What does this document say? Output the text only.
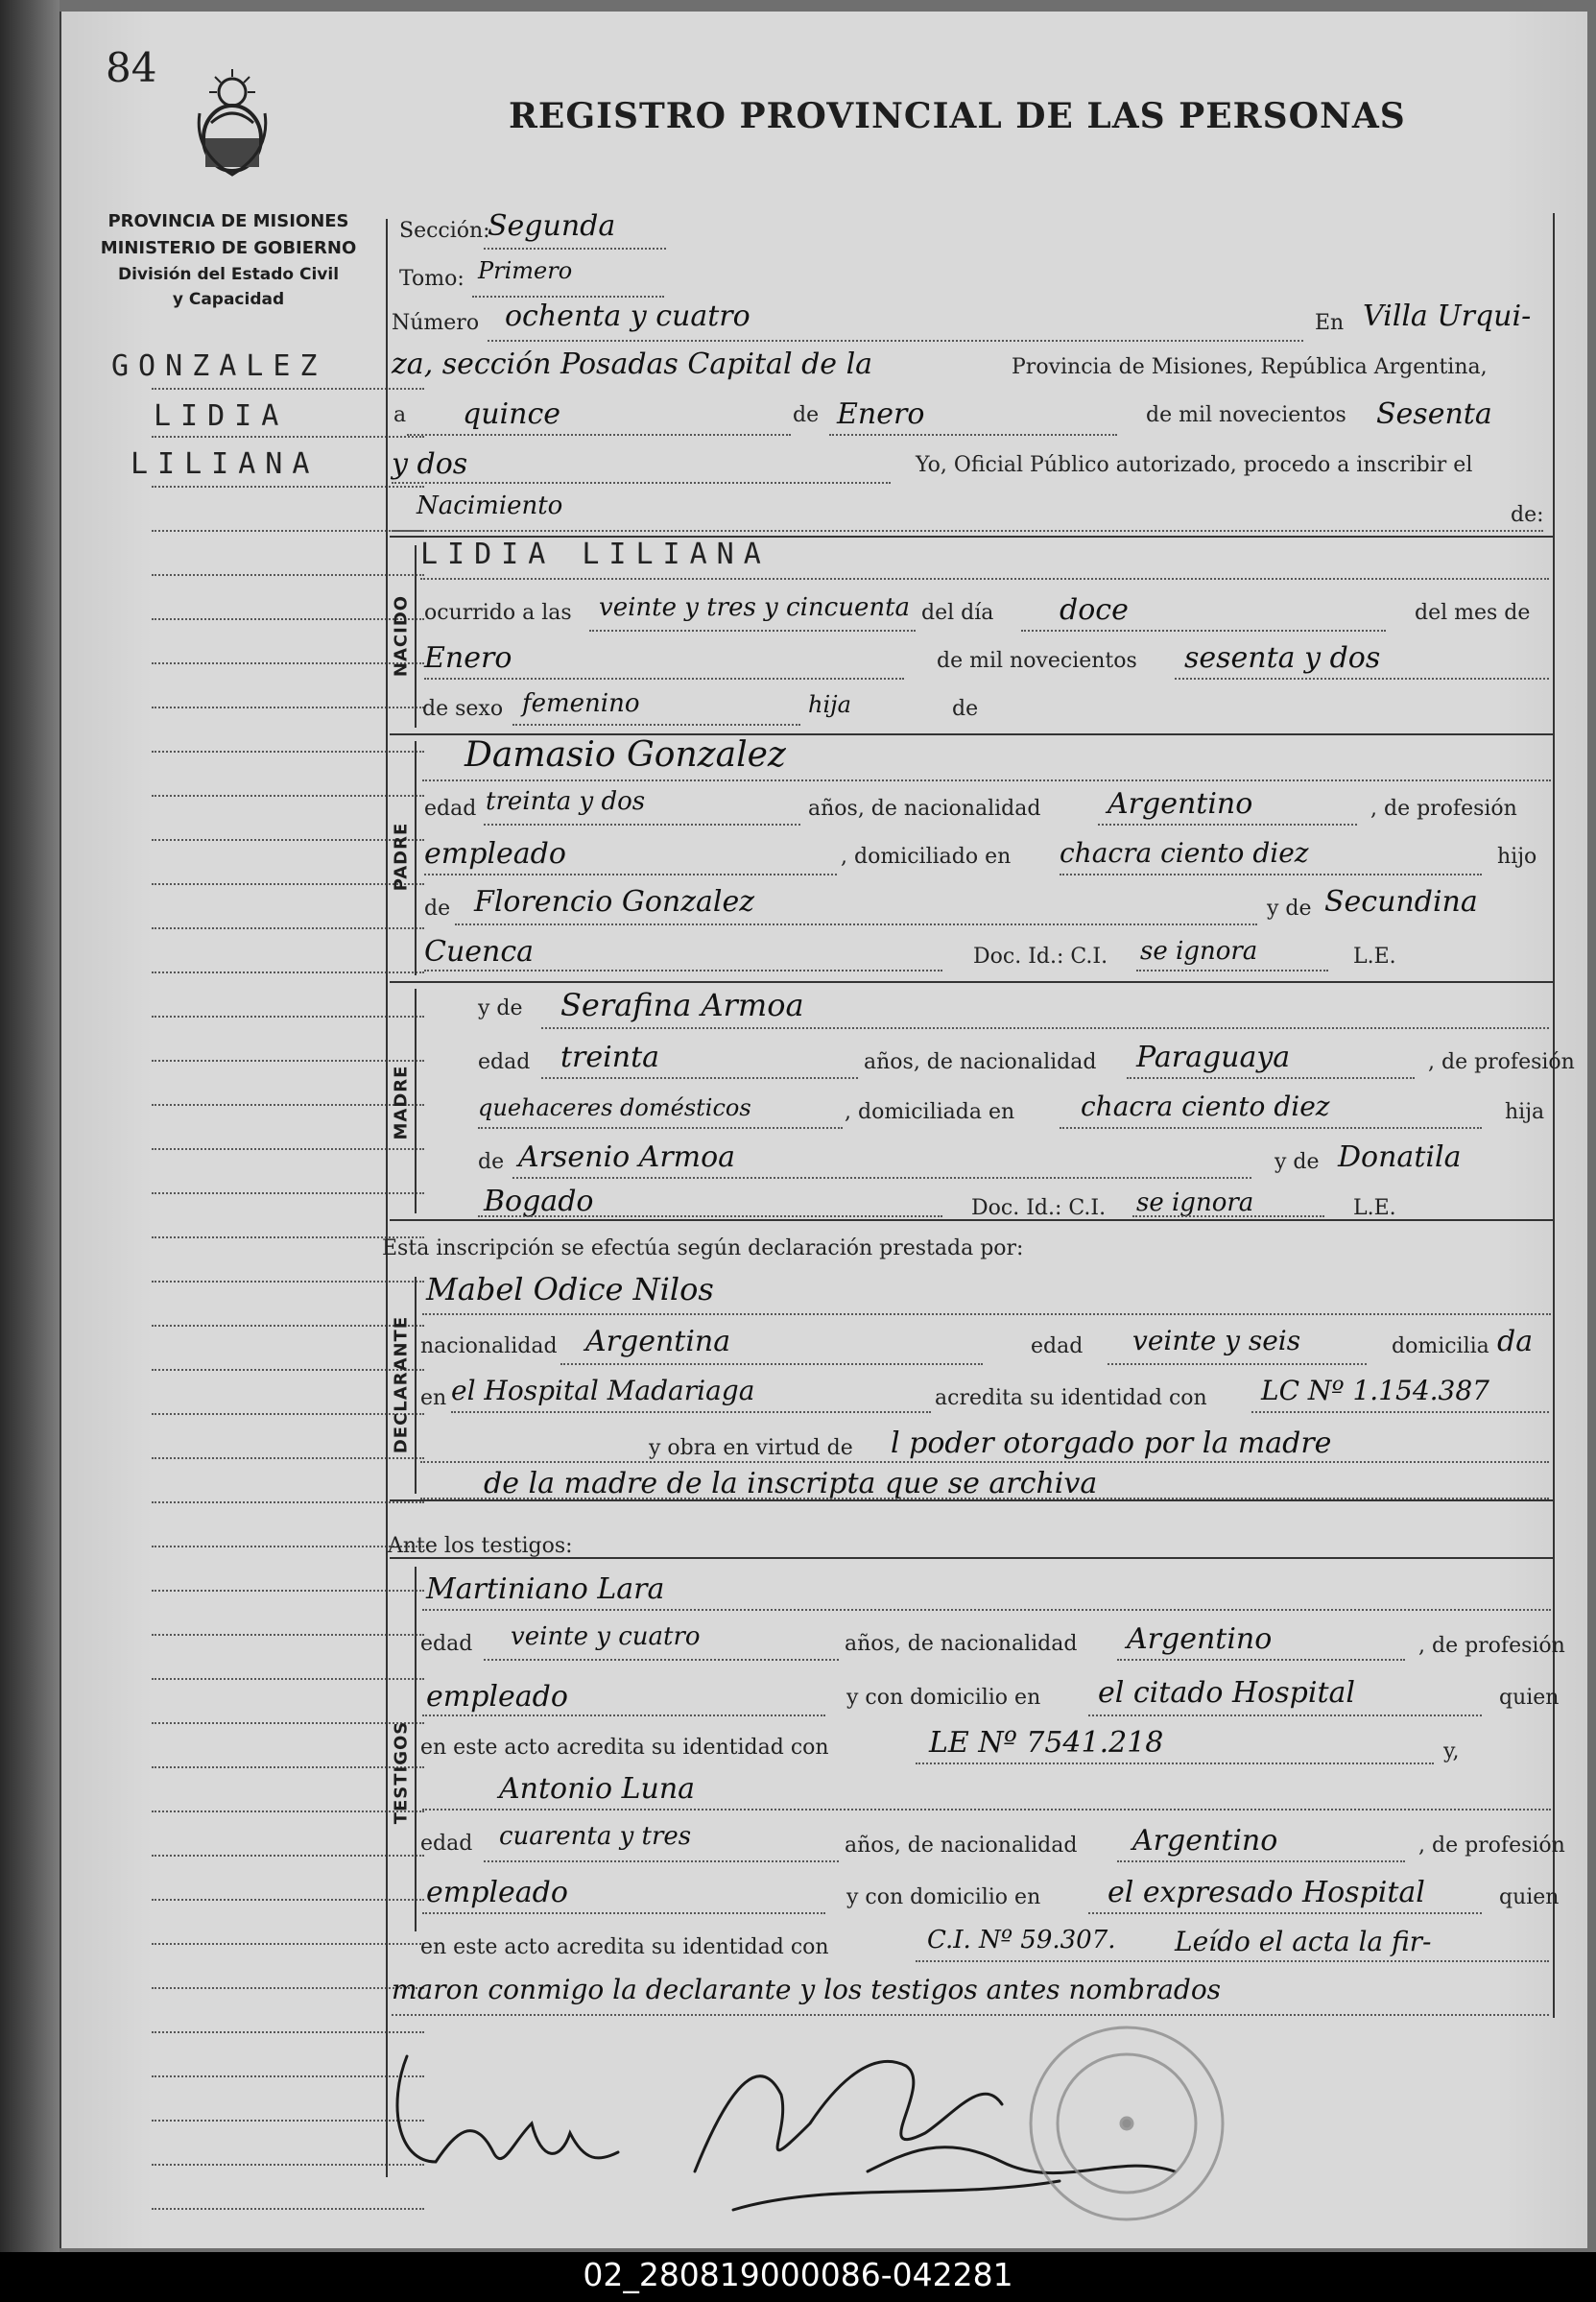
84
REGISTRO PROVINCIAL DE LAS PERSONAS
PROVINCIA DE MISIONES
MINISTERIO DE GOBIERNO
División del Estado Civil
y Capacidad
GONZALEZ
LIDIA
LILIANA
Sección:
Segunda
Tomo: Primero
Número ochenta y cuatro	En Villa Urqui-
za, sección Posadas Capital de la	Provincia de Misiones, República Argentina,
a quince	de Enero	de mil novecientos Sesenta
y dos	Yo, Oficial Público autorizado, procedo a inscribir el
Nacimiento	de:
NACIDO
LIDIA LILIANA
ocurrido a las veinte y tres y cincuenta del día doce	del mes de
Enero	de mil novecientos sesenta y dos
de sexo femenino	hija	de
PADRE
Damasio Gonzalez
edad treinta y dos	años, de nacionalidad Argentino	, de profesión
empleado	, domiciliado en chacra ciento diez	hijo
de Florencio Gonzalez	y de Secundina
Cuenca	Doc. Id.: C.I. se ignora	L.E.
MADRE
y de Serafina Armoa
edad treinta	años, de nacionalidad Paraguaya	, de profesión
quehaceres domésticos	, domiciliada en chacra ciento diez	hija
de Arsenio Armoa	y de Donatila
Bogado	Doc. Id.: C.I. se ignora	L.E.
Esta inscripción se efectúa según declaración prestada por:
DECLARANTE
Mabel Odice Nilos
nacionalidad Argentina	edad veinte y seis	domicilia da
en el Hospital Madariaga	acredita su identidad con LC Nº 1.154.387
y obra en virtud de l poder otorgado por la madre
de la madre de la inscripta que se archiva
Ante los testigos:
TESTIGOS
Martiniano Lara
edad veinte y cuatro	años, de nacionalidad Argentino	, de profesión
empleado	y con domicilio en el citado Hospital	quien
en este acto acredita su identidad con	LE Nº 7541.218	y,
Antonio Luna
edad cuarenta y tres	años, de nacionalidad Argentino	, de profesión
empleado	y con domicilio en el expresado Hospital	quien
en este acto acredita su identidad con	C.I. Nº 59.307. Leído el acta la fir-
maron conmigo la declarante y los testigos antes nombrados
02_280819000086-042281
